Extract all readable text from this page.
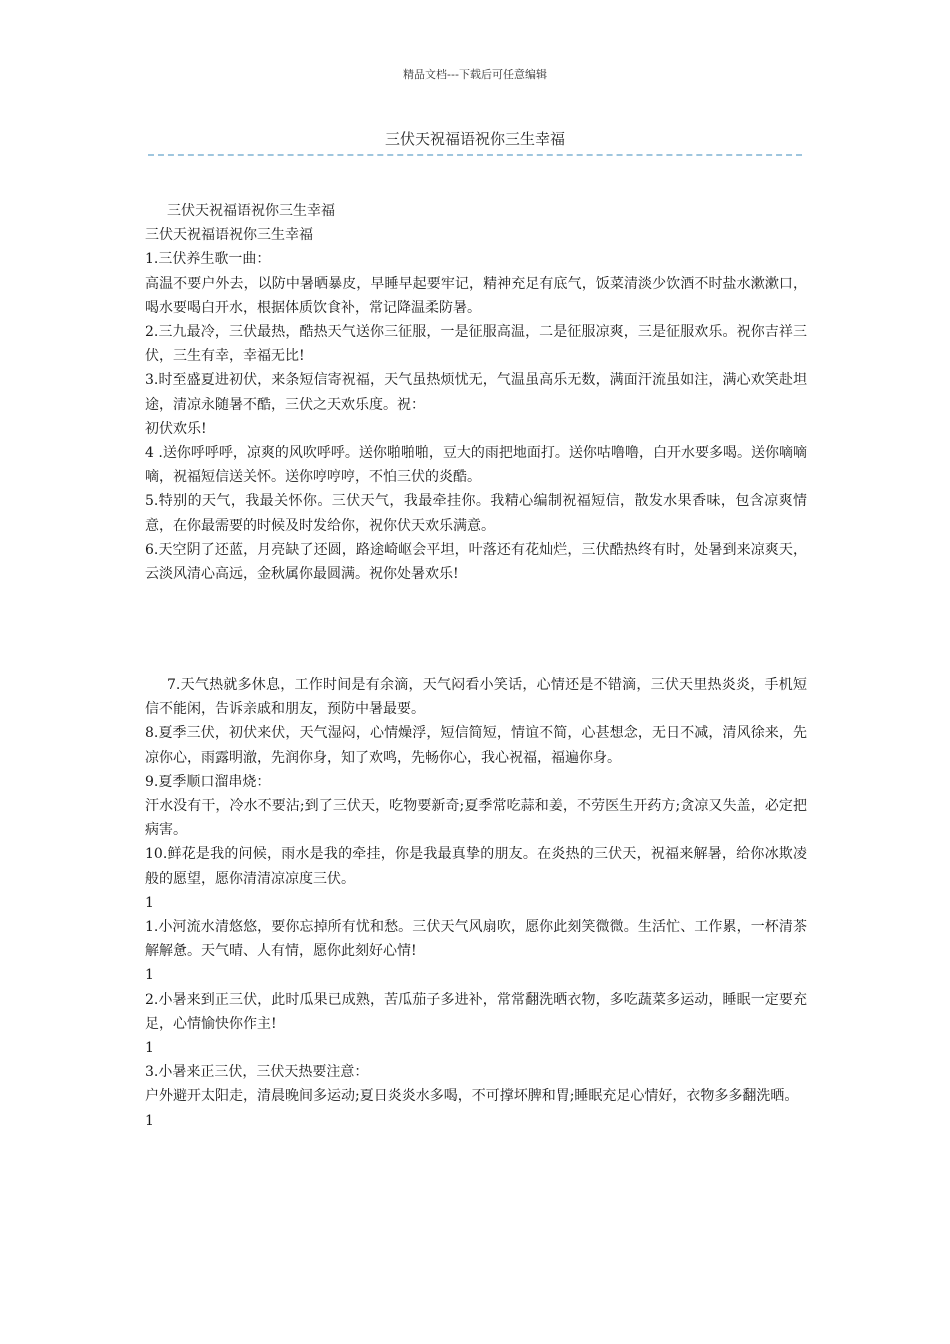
精品文档---下载后可任意编辑
三伏天祝福语祝你三生幸福

三伏天祝福语祝你三生幸福

三伏天祝福语祝你三生幸福

1.三伏养生歌一曲：

高温不要户外去，以防中暑晒暴皮，早睡早起要牢记，精神充足有底气，饭菜清淡少饮酒不时盐水漱漱口，喝水要喝白开水，根据体质饮食补，常记降温柔防暑。

2.三九最冷，三伏最热，酷热天气送你三征服，一是征服高温，二是征服凉爽，三是征服欢乐。祝你吉祥三伏，三生有幸，幸福无比!

3.时至盛夏进初伏，来条短信寄祝福，天气虽热烦忧无，气温虽高乐无数，满面汗流虽如注，满心欢笑赴坦途，清凉永随暑不酷，三伏之天欢乐度。祝：

初伏欢乐!

4 .送你呼呼呼，凉爽的风吹呼呼。送你啪啪啪，豆大的雨把地面打。送你咕噜噜，白开水要多喝。送你嘀嘀嘀，祝福短信送关怀。送你哼哼哼，不怕三伏的炎酷。

5.特别的天气，我最关怀你。三伏天气，我最牵挂你。我精心编制祝福短信，散发水果香味，包含凉爽情意，在你最需要的时候及时发给你，祝你伏天欢乐满意。

6.天空阴了还蓝，月亮缺了还圆，路途崎岖会平坦，叶落还有花灿烂，三伏酷热终有时，处暑到来凉爽天，云淡风清心高远，金秋属你最圆满。祝你处暑欢乐!

7.天气热就多休息，工作时间是有余滴，天气闷看小笑话，心情还是不错滴，三伏天里热炎炎，手机短信不能闲，告诉亲戚和朋友，预防中暑最要。

8.夏季三伏，初伏来伏，天气湿闷，心情燥浮，短信简短，情谊不简，心甚想念，无日不减，清风徐来，先凉你心，雨露明澈，先润你身，知了欢鸣，先畅你心，我心祝福，福遍你身。

9.夏季顺口溜串烧：

汗水没有干，冷水不要沾;到了三伏天，吃物要新奇;夏季常吃蒜和姜，不劳医生开药方;贪凉又失盖，必定把病害。

10.鲜花是我的问候，雨水是我的牵挂，你是我最真挚的朋友。在炎热的三伏天，祝福来解暑，给你冰欺凌般的愿望，愿你清清凉凉度三伏。

1

1.小河流水清悠悠，要你忘掉所有忧和愁。三伏天气风扇吹，愿你此刻笑微微。生活忙、工作累，一杯清茶解解惫。天气晴、人有情，愿你此刻好心情!

1

2.小暑来到正三伏，此时瓜果已成熟，苦瓜茄子多进补，常常翻洗晒衣物，多吃蔬菜多运动，睡眠一定要充足，心情愉快你作主!

1

3.小暑来正三伏，三伏天热要注意：

户外避开太阳走，清晨晚间多运动;夏日炎炎水多喝，不可撑坏脾和胃;睡眠充足心情好，衣物多多翻洗晒。

1
